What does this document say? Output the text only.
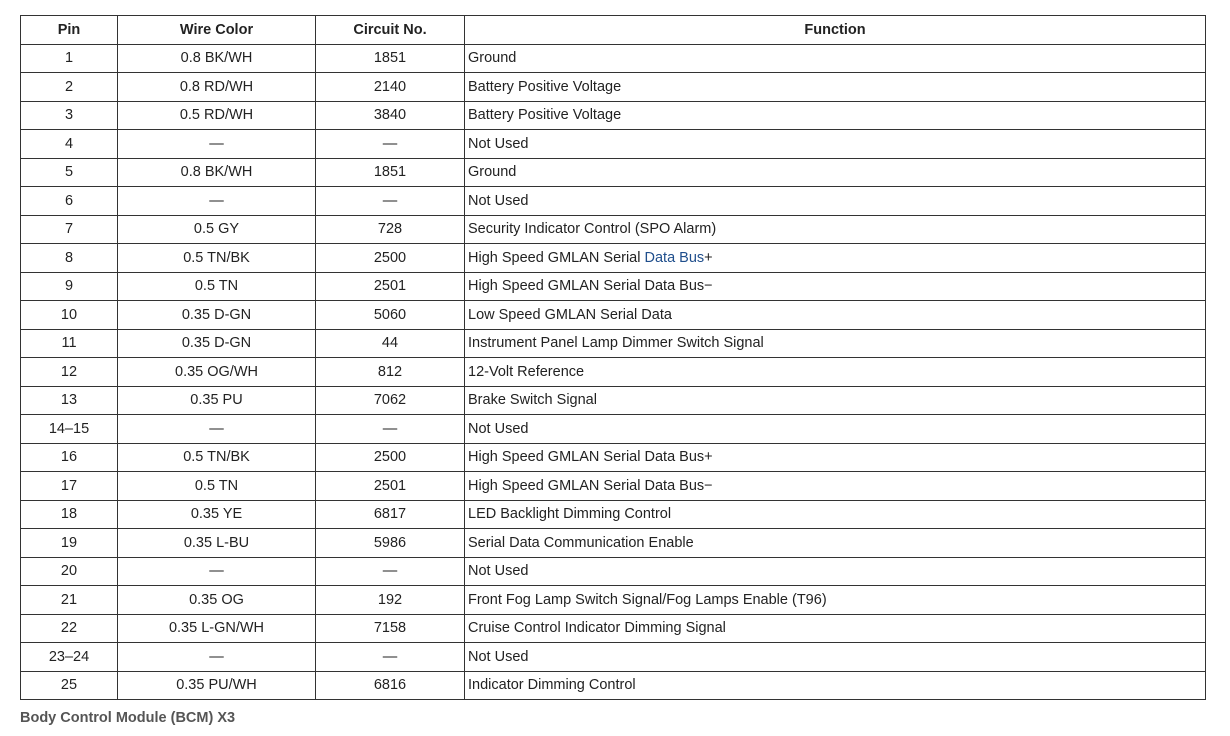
Pin	Wire Color	Circuit No.	Function
1	0.8 BK/WH	1851	Ground
2	0.8 RD/WH	2140	Battery Positive Voltage
3	0.5 RD/WH	3840	Battery Positive Voltage
4	—	—	Not Used
5	0.8 BK/WH	1851	Ground
6	—	—	Not Used
7	0.5 GY	728	Security Indicator Control (SPO Alarm)
8	0.5 TN/BK	2500	High Speed GMLAN Serial Data Bus+
9	0.5 TN	2501	High Speed GMLAN Serial Data Bus−
10	0.35 D-GN	5060	Low Speed GMLAN Serial Data
11	0.35 D-GN	44	Instrument Panel Lamp Dimmer Switch Signal
12	0.35 OG/WH	812	12-Volt Reference
13	0.35 PU	7062	Brake Switch Signal
14–15	—	—	Not Used
16	0.5 TN/BK	2500	High Speed GMLAN Serial Data Bus+
17	0.5 TN	2501	High Speed GMLAN Serial Data Bus−
18	0.35 YE	6817	LED Backlight Dimming Control
19	0.35 L-BU	5986	Serial Data Communication Enable
20	—	—	Not Used
21	0.35 OG	192	Front Fog Lamp Switch Signal/Fog Lamps Enable (T96)
22	0.35 L-GN/WH	7158	Cruise Control Indicator Dimming Signal
23–24	—	—	Not Used
25	0.35 PU/WH	6816	Indicator Dimming Control
Body Control Module (BCM) X3
